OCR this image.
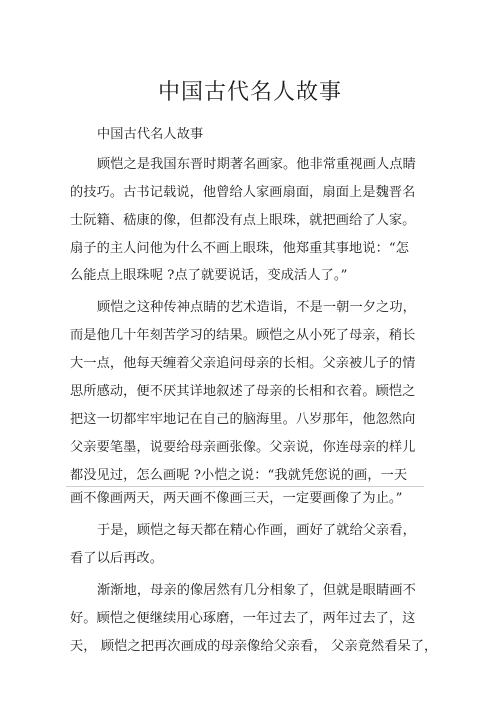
中国古代名人故事
中国古代名人故事
顾恺之是我国东晋时期著名画家。他非常重视画人点睛
的技巧。古书记载说，他曾给人家画扇面，扇面上是魏晋名
士阮籍、嵇康的像，但都没有点上眼珠，就把画给了人家。
扇子的主人问他为什么不画上眼珠，他郑重其事地说：“怎
么能点上眼珠呢 ?点了就要说话，变成活人了。”
顾恺之这种传神点睛的艺术造诣，不是一朝一夕之功，
而是他几十年刻苦学习的结果。顾恺之从小死了母亲，稍长
大一点，他每天缠着父亲追问母亲的长相。父亲被儿子的情
思所感动，便不厌其详地叙述了母亲的长相和衣着。顾恺之
把这一切都牢牢地记在自己的脑海里。八岁那年，他忽然向
父亲要笔墨，说要给母亲画张像。父亲说，你连母亲的样儿
都没见过，怎么画呢 ?小恺之说：“我就凭您说的画，一天
画不像画两天，两天画不像画三天，一定要画像了为止。”
于是，顾恺之每天都在精心作画，画好了就给父亲看，
看了以后再改。
渐渐地，母亲的像居然有几分相象了，但就是眼睛画不
好。顾恺之便继续用心琢磨，一年过去了，两年过去了，这
天， 顾恺之把再次画成的母亲像给父亲看， 父亲竟然看呆了，
